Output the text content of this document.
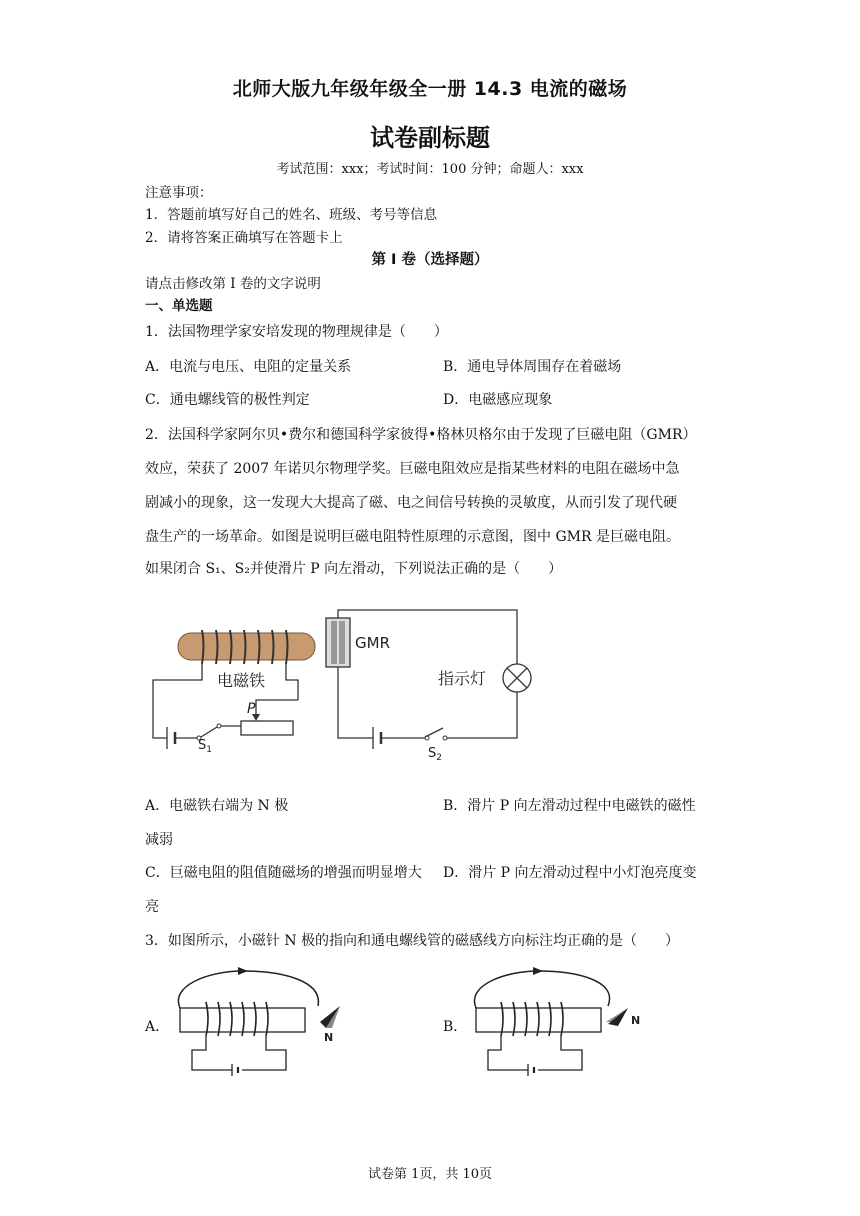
北师大版九年级年级全一册 14.3 电流的磁场
试卷副标题
考试范围：xxx；考试时间：100 分钟；命题人：xxx
注意事项：
1．答题前填写好自己的姓名、班级、考号等信息
2．请将答案正确填写在答题卡上
第 I 卷（选择题）
请点击修改第 I 卷的文字说明
一、单选题
1．法国物理学家安培发现的物理规律是（　　）
A．电流与电压、电阻的定量关系	B．通电导体周围存在着磁场
C．通电螺线管的极性判定	D．电磁感应现象
2．法国科学家阿尔贝•费尔和德国科学家彼得•格林贝格尔由于发现了巨磁电阻（GMR）
效应，荣获了 2007 年诺贝尔物理学奖。巨磁电阻效应是指某些材料的电阻在磁场中急
剧减小的现象，这一发现大大提高了磁、电之间信号转换的灵敏度，从而引发了现代硬
盘生产的一场革命。如图是说明巨磁电阻特性原理的示意图，图中 GMR 是巨磁电阻。
如果闭合 S₁、S₂并使滑片 P 向左滑动，下列说法正确的是（　　）
P
$S_1$
电磁铁
GMR
指示灯
$S_2$
A．电磁铁右端为 N 极	B．滑片 P 向左滑动过程中电磁铁的磁性
减弱
C．巨磁电阻的阻值随磁场的增强而明显增大 D．滑片 P 向左滑动过程中小灯泡亮度变
亮
3．如图所示，小磁针 N 极的指向和通电螺线管的磁感线方向标注均正确的是（　　）
A．
N
B．	N
试卷第 1页，共 10页
